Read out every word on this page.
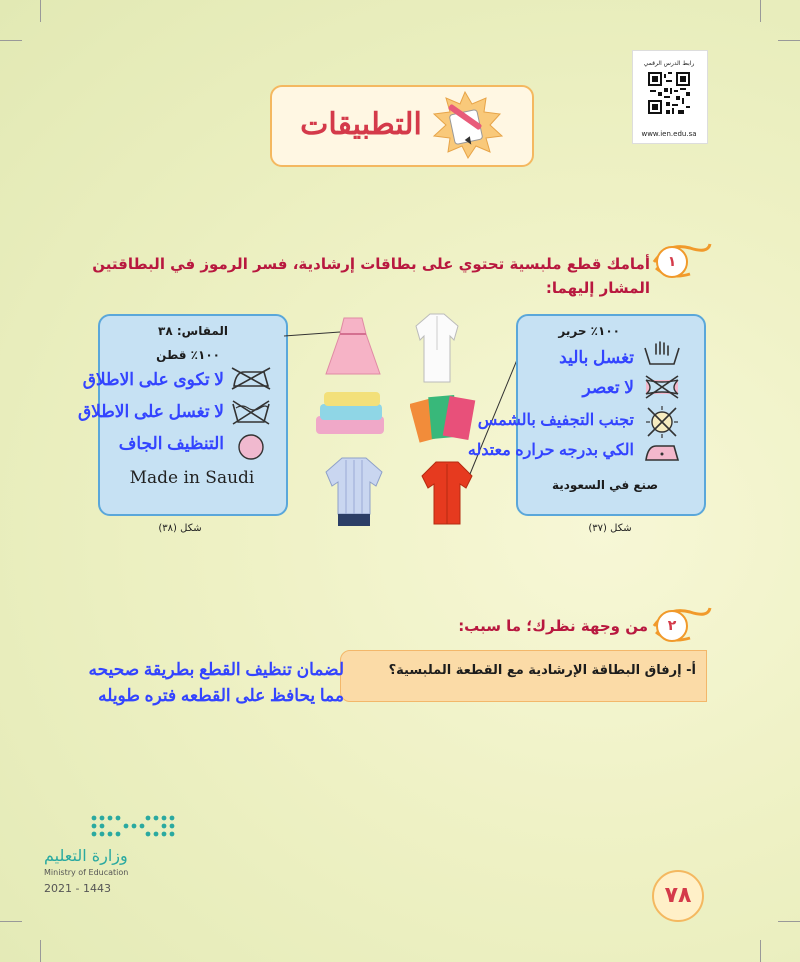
رابط الدرس الرقمي
www.ien.edu.sa
التطبيقات
١
أمامك قطع ملبسية تحتوي على بطاقات إرشادية، فسر الرموز في البطاقتين
المشار إليهما:
المقاس: ٣٨
١٠٠٪ قطن
لا تكوى على الاطلاق
لا تغسل على الاطلاق
التنظيف الجاف
Made in Saudi
شكل (٣٨)
١٠٠٪ حرير
تغسل باليد
لا تعصر
تجنب التجفيف بالشمس
الكي بدرجه حراره معتدله
صنع في السعودية
شكل (٣٧)
٢
من وجهة نظرك؛ ما سبب:
أ- إرفاق البطاقة الإرشادية مع القطعة الملبسية؟
لضمان تنظيف القطع بطريقة صحيحه
مما يحافظ على القطعه فتره طويله
وزارة التعليم
Ministry of Education
2021 - 1443	٧٨
